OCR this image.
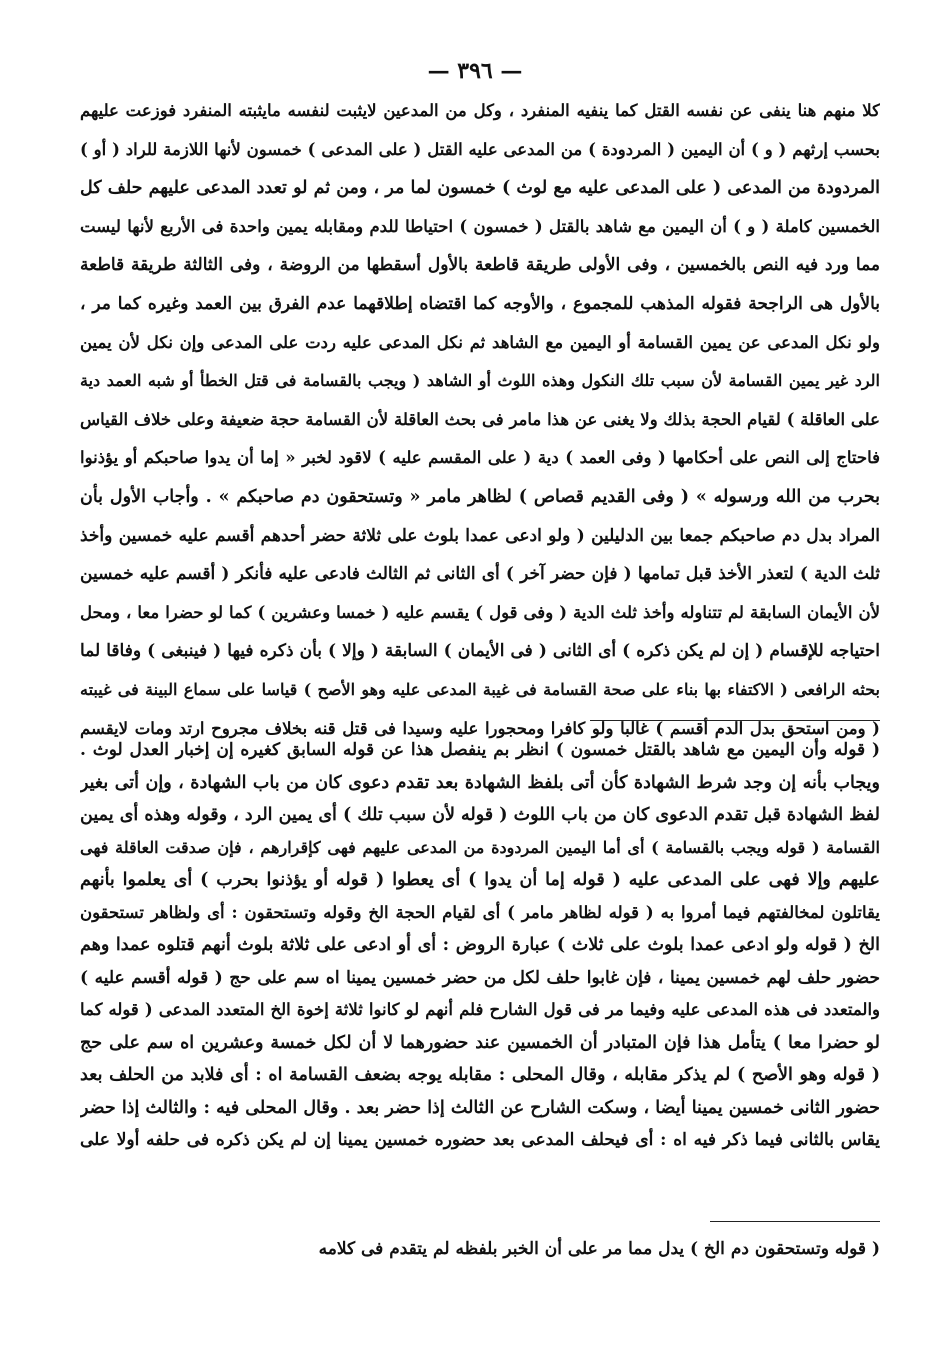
— ٣٩٦ —
كلا منهم هنا ينفى عن نفسه القتل كما ينفيه المنفرد ، وكل من المدعين لايثبت لنفسه مايثبته المنفرد فوزعت عليهم
بحسب إرثهم ( و ) أن اليمين ( المردودة ) من المدعى عليه القتل ( على المدعى ) خمسون لأنها اللازمة للراد ( أو )
المردودة من المدعى ( على المدعى عليه مع لوث ) خمسون لما مر ، ومن ثم لو تعدد المدعى عليهم حلف كل
الخمسين كاملة ( و ) أن اليمين مع شاهد بالقتل ( خمسون ) احتياطا للدم ومقابله يمين واحدة فى الأربع لأنها ليست
مما ورد فيه النص بالخمسين ، وفى الأولى طريقة قاطعة بالأول أسقطها من الروضة ، وفى الثالثة طريقة قاطعة
بالأول هى الراجحة فقوله المذهب للمجموع ، والأوجه كما اقتضاه إطلاقهما عدم الفرق بين العمد وغيره كما مر ،
ولو نكل المدعى عن يمين القسامة أو اليمين مع الشاهد ثم نكل المدعى عليه ردت على المدعى وإن نكل لأن يمين
الرد غير يمين القسامة لأن سبب تلك النكول وهذه اللوث أو الشاهد ( ويجب بالقسامة فى قتل الخطأ أو شبه العمد دية
على العاقلة ) لقيام الحجة بذلك ولا يغنى عن هذا مامر فى بحث العاقلة لأن القسامة حجة ضعيفة وعلى خلاف القياس
فاحتاج إلى النص على أحكامها ( وفى العمد ) دية ( على المقسم عليه ) لاقود لخبر « إما أن يدوا صاحبكم أو يؤذنوا
بحرب من الله ورسوله » ( وفى القديم قصاص ) لظاهر مامر « وتستحقون دم صاحبكم » . وأجاب الأول بأن
المراد بدل دم صاحبكم جمعا بين الدليلين ( ولو ادعى عمدا بلوث على ثلاثة حضر أحدهم أقسم عليه خمسين وأخذ
ثلث الدية ) لتعذر الأخذ قبل تمامها ( فإن حضر آخر ) أى الثانى ثم الثالث فادعى عليه فأنكر ( أقسم عليه خمسين
لأن الأيمان السابقة لم تتناوله وأخذ ثلث الدية ( وفى قول ) يقسم عليه ( خمسا وعشرين ) كما لو حضرا معا ، ومحل
احتياجه للإقسام ( إن لم يكن ذكره ) أى الثانى ( فى الأيمان ) السابقة ( وإلا ) بأن ذكره فيها ( فينبغى ) وفاقا لما
بحثه الرافعى ( الاكتفاء بها بناء على صحة القسامة فى غيبة المدعى عليه وهو الأصح ) قياسا على سماع البينة فى غيبته
( ومن استحق بدل الدم أقسم ) غالبا ولو كافرا ومحجورا عليه وسيدا فى قتل قنه بخلاف مجروح ارتد ومات لايقسم
( قوله وأن اليمين مع شاهد بالقتل خمسون ) انظر بم ينفصل هذا عن قوله السابق كغيره إن إخبار العدل لوث .
ويجاب بأنه إن وجد شرط الشهادة كأن أتى بلفظ الشهادة بعد تقدم دعوى كان من باب الشهادة ، وإن أتى بغير
لفظ الشهادة قبل تقدم الدعوى كان من باب اللوث ( قوله لأن سبب تلك ) أى يمين الرد ، وقوله وهذه أى يمين
القسامة ( قوله ويجب بالقسامة ) أى أما اليمين المردودة من المدعى عليهم فهى كإقرارهم ، فإن صدقت العاقلة فهى
عليهم وإلا فهى على المدعى عليه ( قوله إما أن يدوا ) أى يعطوا ( قوله أو يؤذنوا بحرب ) أى يعلموا بأنهم
يقاتلون لمخالفتهم فيما أمروا به ( قوله لظاهر مامر ) أى لقيام الحجة الخ وقوله وتستحقون : أى ولظاهر تستحقون
الخ ( قوله ولو ادعى عمدا بلوث على ثلاث ) عبارة الروض : أى أو ادعى على ثلاثة بلوث أنهم قتلوه عمدا وهم
حضور حلف لهم خمسين يمينا ، فإن غابوا حلف لكل من حضر خمسين يمينا اه سم على حج ( قوله أقسم عليه )
والمتعدد فى هذه المدعى عليه وفيما مر فى قول الشارح فلم أنهم لو كانوا ثلاثة إخوة الخ المتعدد المدعى ( قوله كما
لو حضرا معا ) يتأمل هذا فإن المتبادر أن الخمسين عند حضورهما لا أن لكل خمسة وعشرين اه سم على حج
( قوله وهو الأصح ) لم يذكر مقابله ، وقال المحلى : مقابله يوجه بضعف القسامة اه : أى فلابد من الحلف بعد
حضور الثانى خمسين يمينا أيضا ، وسكت الشارح عن الثالث إذا حضر بعد . وقال المحلى فيه : والثالث إذا حضر
يقاس بالثانى فيما ذكر فيه اه : أى فيحلف المدعى بعد حضوره خمسين يمينا إن لم يكن ذكره فى حلفه أولا على
( قوله وتستحقون دم الخ ) يدل مما مر على أن الخبر بلفظه لم يتقدم فى كلامه
